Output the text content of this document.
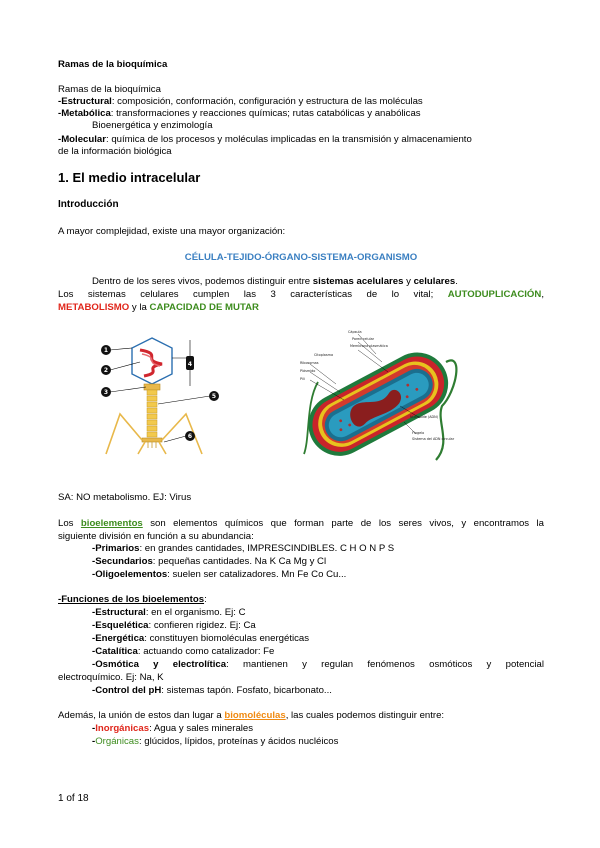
Ramas de la bioquímica
Ramas de la bioquímica
-Estructural: composición, conformación, configuración y estructura de las moléculas
-Metabólica: transformaciones y reacciones químicas; rutas catabólicas y anabólicas
Bioenergética y enzimología
-Molecular: química de los procesos y moléculas implicadas en la transmisión y almacenamiento
de la información biológica
1. El medio intracelular
Introducción
A mayor complejidad, existe una mayor organización:
CÉLULA-TEJIDO-ÓRGANO-SISTEMA-ORGANISMO
Dentro de los seres vivos, podemos distinguir entre sistemas acelulares y celulares.
Los sistemas celulares cumplen las 3 características de lo vital; AUTODUPLICACIÓN,
METABOLISMO y la CAPACIDAD DE MUTAR
1
2
3
4
5
6
Cápsula
Pared celular
Membrana plasmática
Citoplasma
Ribosomas
Plásmido
Pili
Nucleoide (ADN)
Flagelo
Sistema del ADN circular
SA: NO metabolismo. EJ: Virus
Los bioelementos son elementos químicos que forman parte de los seres vivos, y encontramos la
siguiente división en función a su abundancia:
-Primarios: en grandes cantidades, IMPRESCINDIBLES. C H O N P S
-Secundarios: pequeñas cantidades. Na K Ca Mg y Cl
-Oligoelementos: suelen ser catalizadores. Mn Fe Co Cu...
-Funciones de los bioelementos:
-Estructural: en el organismo. Ej: C
-Esquelética: confieren rigidez. Ej: Ca
-Energética: constituyen biomoléculas energéticas
-Catalítica: actuando como catalizador: Fe
-Osmótica y electrolítica: mantienen y regulan fenómenos osmóticos y potencial
electroquímico. Ej: Na, K
-Control del pH: sistemas tapón. Fosfato, bicarbonato...
Además, la unión de estos dan lugar a biomoléculas, las cuales podemos distinguir entre:
-Inorgánicas: Agua y sales minerales
-Orgánicas: glúcidos, lípidos, proteínas y ácidos nucléicos
1 of 18
